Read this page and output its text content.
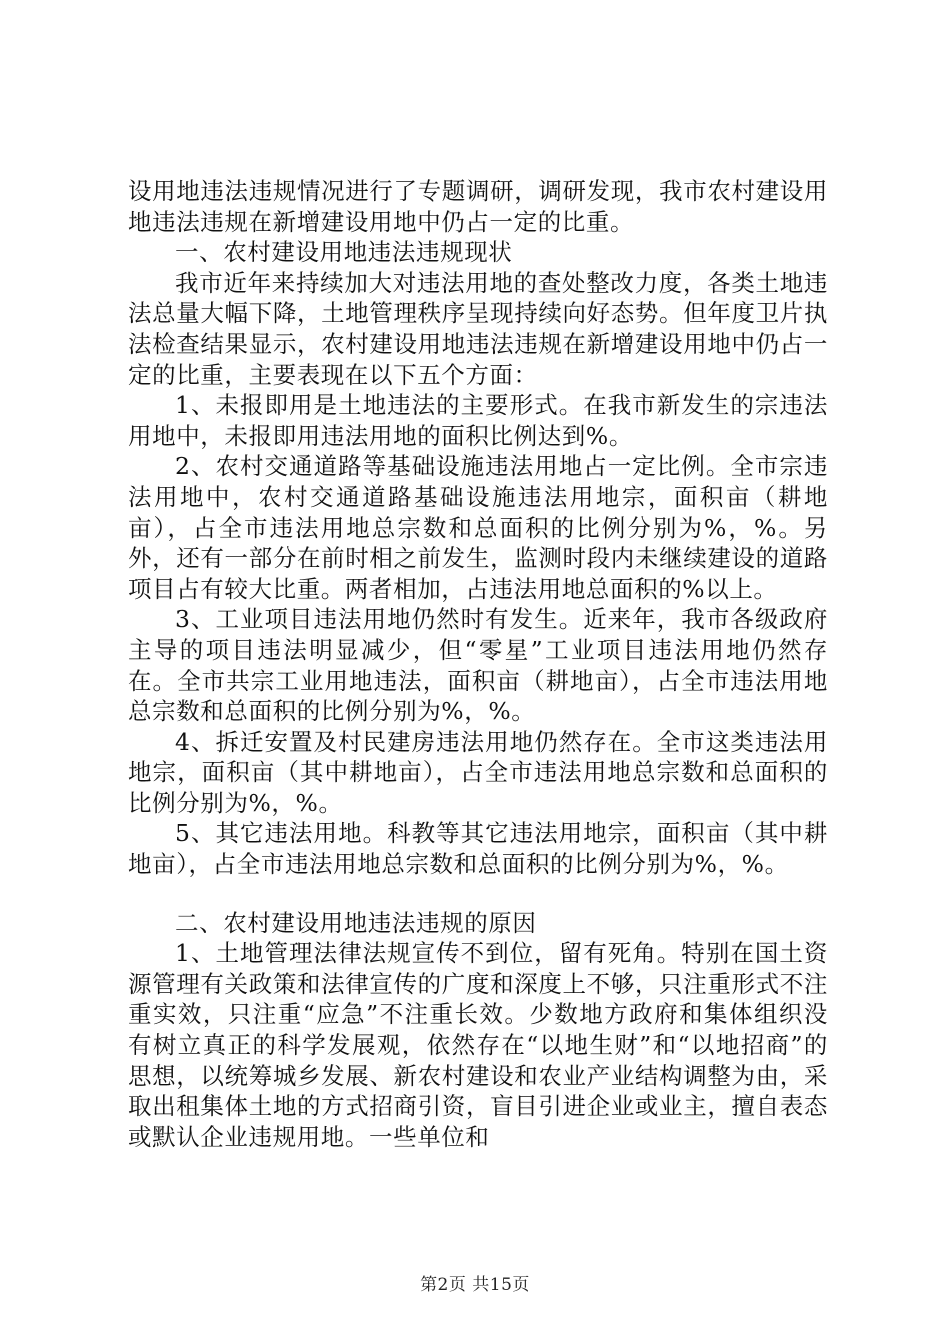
设用地违法违规情况进行了专题调研，调研发现，我市农村建设用地违法违规在新增建设用地中仍占一定的比重。

一、农村建设用地违法违规现状

我市近年来持续加大对违法用地的查处整改力度，各类土地违法总量大幅下降，土地管理秩序呈现持续向好态势。但年度卫片执法检查结果显示，农村建设用地违法违规在新增建设用地中仍占一定的比重，主要表现在以下五个方面：

1、未报即用是土地违法的主要形式。在我市新发生的宗违法用地中，未报即用违法用地的面积比例达到%。

2、农村交通道路等基础设施违法用地占一定比例。全市宗违法用地中，农村交通道路基础设施违法用地宗，面积亩（耕地亩），占全市违法用地总宗数和总面积的比例分别为%，%。另外，还有一部分在前时相之前发生，监测时段内未继续建设的道路项目占有较大比重。两者相加，占违法用地总面积的%以上。

3、工业项目违法用地仍然时有发生。近来年，我市各级政府主导的项目违法明显减少，但“零星”工业项目违法用地仍然存在。全市共宗工业用地违法，面积亩（耕地亩），占全市违法用地总宗数和总面积的比例分别为%，%。

4、拆迁安置及村民建房违法用地仍然存在。全市这类违法用地宗，面积亩（其中耕地亩），占全市违法用地总宗数和总面积的比例分别为%，%。

5、其它违法用地。科教等其它违法用地宗，面积亩（其中耕地亩），占全市违法用地总宗数和总面积的比例分别为%，%。

二、农村建设用地违法违规的原因

1、土地管理法律法规宣传不到位，留有死角。特别在国土资源管理有关政策和法律宣传的广度和深度上不够，只注重形式不注重实效，只注重“应急”不注重长效。少数地方政府和集体组织没有树立真正的科学发展观，依然存在“以地生财”和“以地招商”的思想，以统筹城乡发展、新农村建设和农业产业结构调整为由，采取出租集体土地的方式招商引资，盲目引进企业或业主，擅自表态或默认企业违规用地。一些单位和

第2页 共15页
